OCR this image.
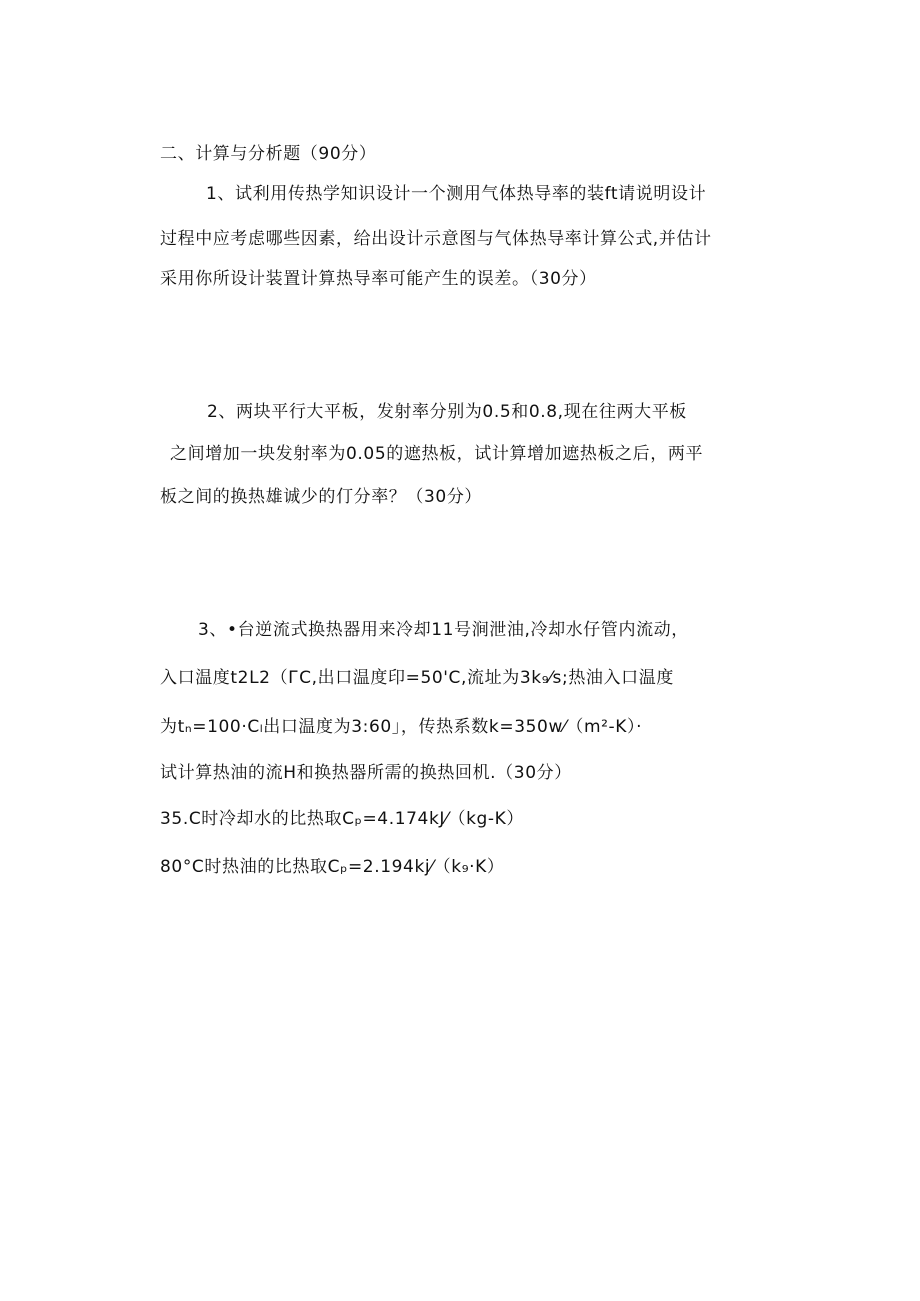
二、计算与分析题（90分）
1、试利用传热学知识设计一个测用气体热导率的装ft请说明设计
过程中应考虑哪些因素，给出设计示意图与气体热导率计算公式,并估计
采用你所设计装置计算热导率可能产生的误差。（30分）
2、两块平行大平板，发射率分别为0.5和0.8,现在往两大平板
之间增加一块发射率为0.05的遮热板，试计算增加遮热板之后，两平
板之间的换热雄诚少的仃分率？（30分）
3、•台逆流式换热器用来冷却11号涧泄油,冷却水仔管内流动，
入口温度t2L2（ГC,出口温度印=50'C,流址为3k₉⁄s;热油入口温度
为tₙ=100·Cₗ出口温度为3:60」，传热系数k=350w⁄（m²-K）·
试计算热油的流H和换热器所需的换热回机.（30分）
35.C时冷却水的比热取Cₚ=4.174kJ⁄（kg-K）
80°C时热油的比热取Cₚ=2.194kj⁄（k₉·K）
